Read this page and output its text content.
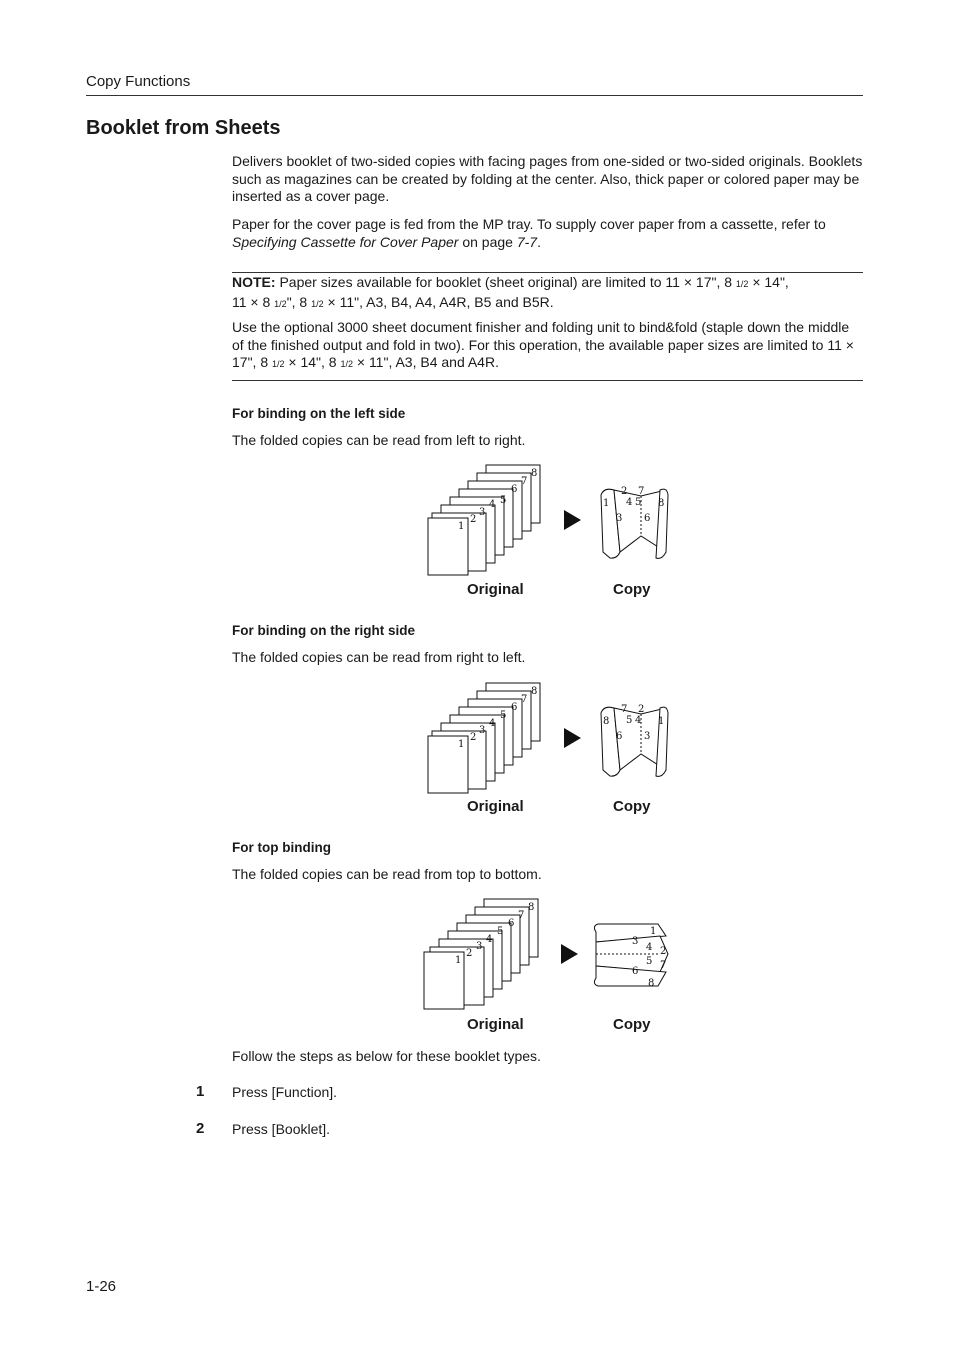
Copy Functions
Booklet from Sheets

Delivers booklet of two-sided copies with facing pages from one-sided or two-sided originals. Booklets such as magazines can be created by folding at the center. Also, thick paper or colored paper may be inserted as a cover page.

Paper for the cover page is fed from the MP tray. To supply cover paper from a cassette, refer to Specifying Cassette for Cover Paper on page 7-7.

NOTE: Paper sizes available for booklet (sheet original) are limited to 11 × 17", 8 1/2 × 14",
11 × 8 1/2", 8 1/2 × 11", A3, B4, A4, A4R, B5 and B5R.

Use the optional 3000 sheet document finisher and folding unit to bind&fold (staple down the middle of the finished output and fold in two). For this operation, the available paper sizes are limited to 11 × 17", 8 1/2 × 14", 8 1/2 × 11", A3, B4 and A4R.

For binding on the left side
The folded copies can be read from left to right.
8
7
6
4 5
3
2
1
1
2
3
4 5
6
7
8
Original	Copy
For binding on the right side
The folded copies can be read from right to left.
8
7
6
5
4
3
2
1
8
7
6
5 4
3
2
1
Original	Copy
For top binding
The folded copies can be read from top to bottom.
8
7
6
5
4
3
2
1
1
2
3
4
5
6
7
8
Original	Copy
Follow the steps as below for these booklet types.
1 Press [Function].
2 Press [Booklet].
1-26
